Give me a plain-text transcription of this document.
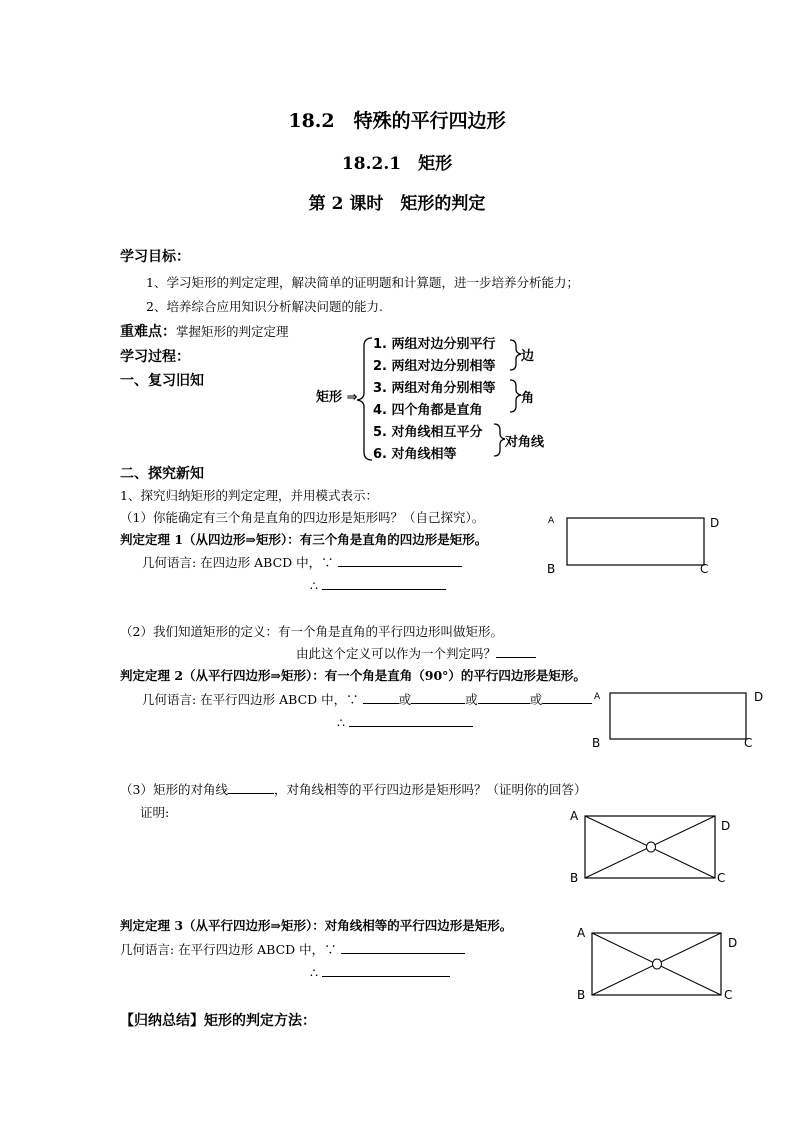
18.2　特殊的平行四边形
18.2.1　矩形
第 2 课时　矩形的判定
学习目标：
1、学习矩形的判定定理，解决简单的证明题和计算题，进一步培养分析能力；
2、培养综合应用知识分析解决问题的能力.
重难点：掌握矩形的判定定理
学习过程：
一、复习旧知
矩形 ⇒
1. 两组对边分别平行
2. 两组对边分别相等
3. 两组对角分别相等
4. 四个角都是直角
5. 对角线相互平分
6. 对角线相等
边
角
对角线
二、探究新知
1、探究归纳矩形的判定定理，并用模式表示：
（1）你能确定有三个角是直角的四边形是矩形吗？（自己探究）。
判定定理 1（从四边形⇒矩形）：有三个角是直角的四边形是矩形。
几何语言: 在四边形 ABCD 中，∵
∴
A	D
B	C
（2）我们知道矩形的定义：有一个角是直角的平行四边形叫做矩形。
由此这个定义可以作为一个判定吗？
判定定理 2（从平行四边形⇒矩形）：有一个角是直角（90°）的平行四边形是矩形。
几何语言: 在平行四边形 ABCD 中，∵	或	或	或
∴
A	D
B	C
（3）矩形的对角线	，对角线相等的平行四边形是矩形吗？（证明你的回答）
证明:	A
D
B	C
判定定理 3（从平行四边形⇒矩形）：对角线相等的平行四边形是矩形。
几何语言: 在平行四边形 ABCD 中，∵
∴
A
D
B	C
【归纳总结】矩形的判定方法：
